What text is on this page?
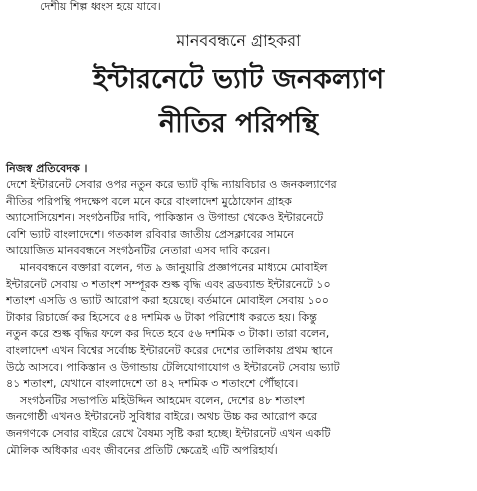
দেশীয় শিল্প ধ্বংস হয়ে যাবে।
মানববন্ধনে গ্রাহকরা
ইন্টারনেটে ভ্যাট জনকল্যাণ
নীতির পরিপন্থি
নিজস্ব প্রতিবেদক ।
দেশে ইন্টারনেট সেবার ওপর নতুন করে ভ্যাট বৃদ্ধি ন্যায়বিচার ও জনকল্যাণের
নীতির পরিপন্থি পদক্ষেপ বলে মনে করে বাংলাদেশ মুঠোফোন গ্রাহক
অ্যাসোসিয়েশন। সংগঠনটির দাবি, পাকিস্তান ও উগান্ডা থেকেও ইন্টারনেটে
বেশি ভ্যাট বাংলাদেশে। গতকাল রবিবার জাতীয় প্রেসক্লাবের সামনে
আয়োজিত মানববন্ধনে সংগঠনটির নেতারা এসব দাবি করেন।
মানববন্ধনে বক্তারা বলেন, গত ৯ জানুয়ারি প্রজ্ঞাপনের মাধ্যমে মোবাইল
ইন্টারনেট সেবায় ৩ শতাংশ সম্পূরক শুল্ক বৃদ্ধি এবং ব্রডব্যান্ড ইন্টারনেটে ১০
শতাংশ এসডি ও ভ্যাট আরোপ করা হয়েছে। বর্তমানে মোবাইল সেবায় ১০০
টাকার রিচার্জে কর হিসেবে ৫৪ দশমিক ৬ টাকা পরিশোধ করতে হয়। কিন্তু
নতুন করে শুল্ক বৃদ্ধির ফলে কর দিতে হবে ৫৬ দশমিক ৩ টাকা। তারা বলেন,
বাংলাদেশ এখন বিশ্বের সর্বোচ্চ ইন্টারনেট করের দেশের তালিকায় প্রথম স্থানে
উঠে আসবে। পাকিস্তান ও উগান্ডায় টেলিযোগাযোগ ও ইন্টারনেট সেবায় ভ্যাট
৪১ শতাংশ, যেখানে বাংলাদেশে তা ৪২ দশমিক ৩ শতাংশে পৌঁছাবে।
সংগঠনটির সভাপতি মহিউদ্দিন আহমেদ বলেন, দেশের ৪৮ শতাংশ
জনগোষ্ঠী এখনও ইন্টারনেট সুবিধার বাইরে। অথচ উচ্চ কর আরোপ করে
জনগণকে সেবার বাইরে রেখে বৈষম্য সৃষ্টি করা হচ্ছে। ইন্টারনেট এখন একটি
মৌলিক অধিকার এবং জীবনের প্রতিটি ক্ষেত্রেই এটি অপরিহার্য।
